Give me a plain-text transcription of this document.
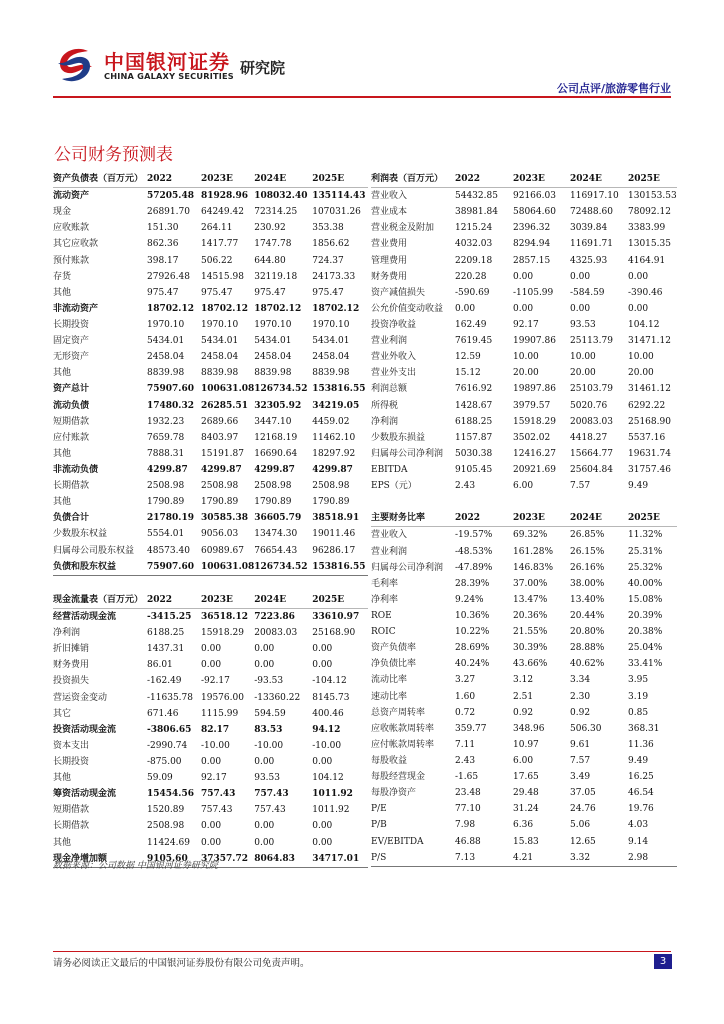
中国银河证券
CHINA GALAXY SECURITIES 研究院
公司点评/旅游零售行业
公司财务预测表
资产负债表（百万元）	2022	2023E	2024E	2025E
流动资产	57205.48	81928.96	108032.40	135114.43
现金	26891.70	64249.42	72314.25	107031.26
应收账款	151.30	264.11	230.92	353.38
其它应收款	862.36	1417.77	1747.78	1856.62
预付账款	398.17	506.22	644.80	724.37
存货	27926.48	14515.98	32119.18	24173.33
其他	975.47	975.47	975.47	975.47
非流动资产	18702.12	18702.12	18702.12	18702.12
长期投资	1970.10	1970.10	1970.10	1970.10
固定资产	5434.01	5434.01	5434.01	5434.01
无形资产	2458.04	2458.04	2458.04	2458.04
其他	8839.98	8839.98	8839.98	8839.98
资产总计	75907.60	100631.08	126734.52	153816.55
流动负债	17480.32	26285.51	32305.92	34219.05
短期借款	1932.23	2689.66	3447.10	4459.02
应付账款	7659.78	8403.97	12168.19	11462.10
其他	7888.31	15191.87	16690.64	18297.92
非流动负债	4299.87	4299.87	4299.87	4299.87
长期借款	2508.98	2508.98	2508.98	2508.98
其他	1790.89	1790.89	1790.89	1790.89
负债合计	21780.19	30585.38	36605.79	38518.91
少数股东权益	5554.01	9056.03	13474.30	19011.46
归属母公司股东权益	48573.40	60989.67	76654.43	96286.17
负债和股东权益	75907.60	100631.08	126734.52	153816.55

现金流量表（百万元）	2022	2023E	2024E	2025E
经营活动现金流	-3415.25	36518.12	7223.86	33610.97
净利润	6188.25	15918.29	20083.03	25168.90
折旧摊销	1437.31	0.00	0.00	0.00
财务费用	86.01	0.00	0.00	0.00
投资损失	-162.49	-92.17	-93.53	-104.12
营运资金变动	-11635.78	19576.00	-13360.22	8145.73
其它	671.46	1115.99	594.59	400.46
投资活动现金流	-3806.65	82.17	83.53	94.12
资本支出	-2990.74	-10.00	-10.00	-10.00
长期投资	-875.00	0.00	0.00	0.00
其他	59.09	92.17	93.53	104.12
筹资活动现金流	15454.56	757.43	757.43	1011.92
短期借款	1520.89	757.43	757.43	1011.92
长期借款	2508.98	0.00	0.00	0.00
其他	11424.69	0.00	0.00	0.00
现金净增加额	9105.60	37357.72	8064.83	34717.01
利润表（百万元）	2022	2023E	2024E	2025E
营业收入	54432.85	92166.03	116917.10	130153.53
营业成本	38981.84	58064.60	72488.60	78092.12
营业税金及附加	1215.24	2396.32	3039.84	3383.99
营业费用	4032.03	8294.94	11691.71	13015.35
管理费用	2209.18	2857.15	4325.93	4164.91
财务费用	220.28	0.00	0.00	0.00
资产减值损失	-590.69	-1105.99	-584.59	-390.46
公允价值变动收益	0.00	0.00	0.00	0.00
投资净收益	162.49	92.17	93.53	104.12
营业利润	7619.45	19907.86	25113.79	31471.12
营业外收入	12.59	10.00	10.00	10.00
营业外支出	15.12	20.00	20.00	20.00
利润总额	7616.92	19897.86	25103.79	31461.12
所得税	1428.67	3979.57	5020.76	6292.22
净利润	6188.25	15918.29	20083.03	25168.90
少数股东损益	1157.87	3502.02	4418.27	5537.16
归属母公司净利润	5030.38	12416.27	15664.77	19631.74
EBITDA	9105.45	20921.69	25604.84	31757.46
EPS（元）	2.43	6.00	7.57	9.49

主要财务比率	2022	2023E	2024E	2025E
营业收入	-19.57%	69.32%	26.85%	11.32%
营业利润	-48.53%	161.28%	26.15%	25.31%
归属母公司净利润	-47.89%	146.83%	26.16%	25.32%
毛利率	28.39%	37.00%	38.00%	40.00%
净利率	9.24%	13.47%	13.40%	15.08%
ROE	10.36%	20.36%	20.44%	20.39%
ROIC	10.22%	21.55%	20.80%	20.38%
资产负债率	28.69%	30.39%	28.88%	25.04%
净负债比率	40.24%	43.66%	40.62%	33.41%
流动比率	3.27	3.12	3.34	3.95
速动比率	1.60	2.51	2.30	3.19
总资产周转率	0.72	0.92	0.92	0.85
应收帐款周转率	359.77	348.96	506.30	368.31
应付帐款周转率	7.11	10.97	9.61	11.36
每股收益	2.43	6.00	7.57	9.49
每股经营现金	-1.65	17.65	3.49	16.25
每股净资产	23.48	29.48	37.05	46.54
P/E	77.10	31.24	24.76	19.76
P/B	7.98	6.36	5.06	4.03
EV/EBITDA	46.88	15.83	12.65	9.14
P/S	7.13	4.21	3.32	2.98
数据来源：公司数据 中国银河证券研究院
请务必阅读正文最后的中国银河证券股份有限公司免责声明。	3
